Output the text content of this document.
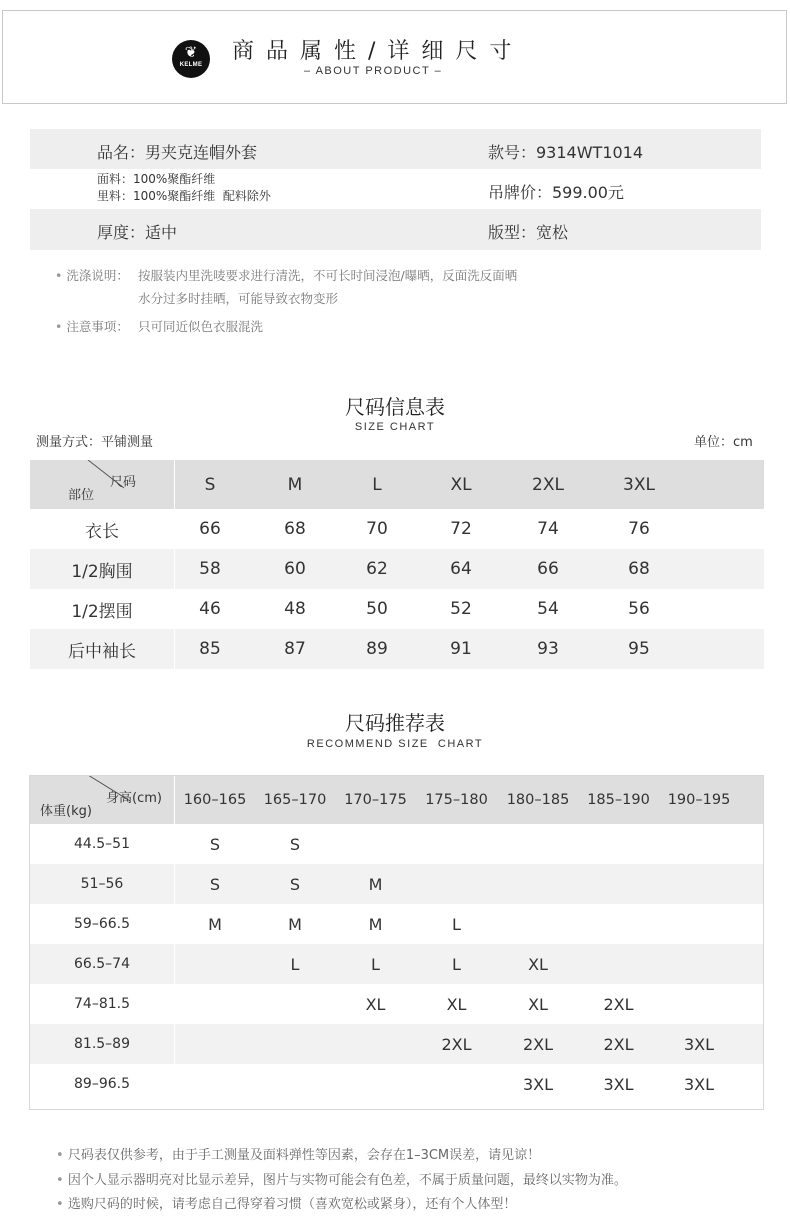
❦
KELME
商品属性/详细尺寸
– ABOUT PRODUCT –
品名：男夹克连帽外套	款号：9314WT1014
面料：100%聚酯纤维
里料：100%聚酯纤维  配料除外	吊牌价：599.00元
厚度：适中	版型：宽松
• 洗涤说明： 按服装内里洗唛要求进行清洗，不可长时间浸泡/曝晒，反面洗反面晒
水分过多时挂晒，可能导致衣物变形
• 注意事项： 只可同近似色衣服混洗
尺码信息表
SIZE CHART
测量方式：平铺测量	单位：cm
尺码
部位		S	M	L	XL	2XL	3XL	
衣长		66	68	70	72	74	76	
1/2胸围		58	60	62	64	66	68	
1/2摆围		46	48	50	52	54	56	
后中袖长		85	87	89	91	93	95	
尺码推荐表
RECOMMEND SIZE  CHART
身高(cm)
体重(kg)		160–165	165–170	170–175	175–180	180–185	185–190	190–195	
44.5–51		S	S						
51–56		S	S	M					
59–66.5		M	M	M	L				
66.5–74			L	L	L	XL			
74–81.5				XL	XL	XL	2XL		
81.5–89					2XL	2XL	2XL	3XL	
89–96.5						3XL	3XL	3XL	
• 尺码表仅供参考，由于手工测量及面料弹性等因素，会存在1–3CM误差，请见谅！
• 因个人显示器明亮对比显示差异，图片与实物可能会有色差，不属于质量问题，最终以实物为准。
• 选购尺码的时候，请考虑自己得穿着习惯（喜欢宽松或紧身），还有个人体型！
